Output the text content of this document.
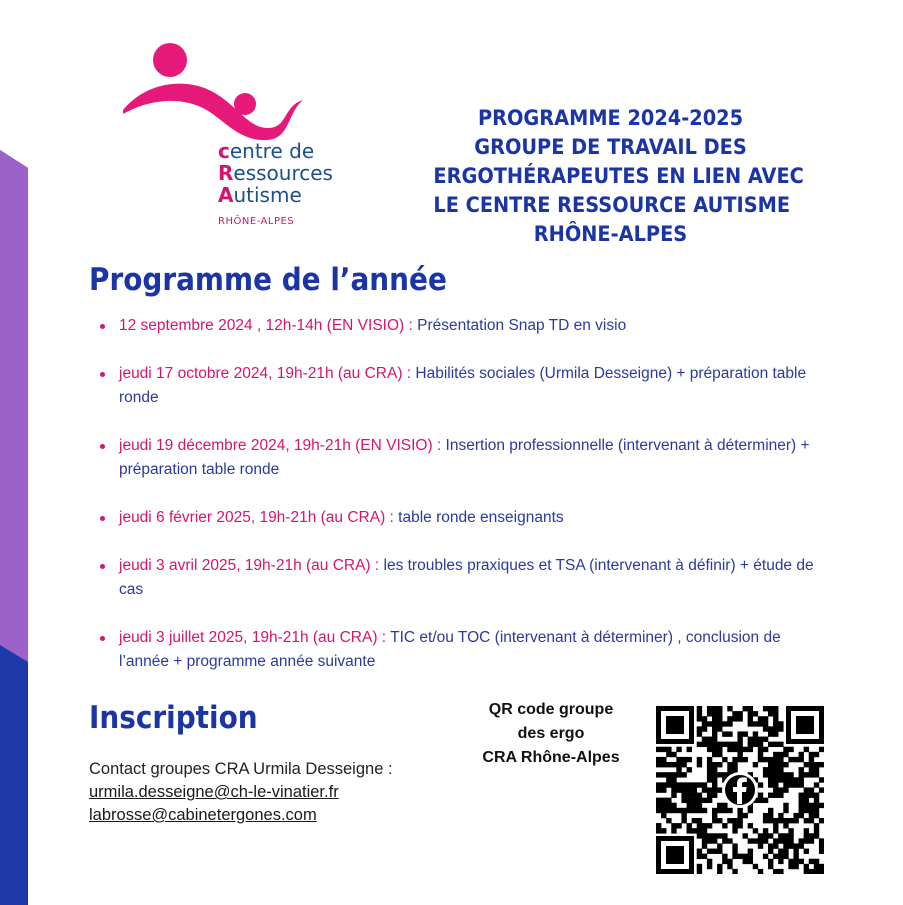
centre de
Ressources
Autisme
RHÔNE-ALPES
PROGRAMME 2024-2025
GROUPE DE TRAVAIL DES
ERGOTHÉRAPEUTES EN LIEN AVEC
LE CENTRE RESSOURCE AUTISME
RHÔNE-ALPES
Programme de l’année
12 septembre 2024 , 12h-14h (EN VISIO) : Présentation Snap TD en visio
jeudi 17 octobre 2024, 19h-21h (au CRA) : Habilités sociales (Urmila Desseigne) + préparation table ronde
jeudi 19 décembre 2024, 19h-21h (EN VISIO) : Insertion professionnelle (intervenant à déterminer) + préparation table ronde
jeudi 6 février 2025, 19h-21h (au CRA) : table ronde enseignants
jeudi 3 avril 2025, 19h-21h (au CRA) : les troubles praxiques et TSA (intervenant à définir) + étude de cas
jeudi 3 juillet 2025, 19h-21h (au CRA) : TIC et/ou TOC (intervenant à déterminer) , conclusion de l’année + programme année suivante
Inscription
Contact groupes CRA Urmila Desseigne :
urmila.desseigne@ch-le-vinatier.fr
labrosse@cabinetergones.com
QR code groupe
des ergo
CRA Rhône-Alpes
